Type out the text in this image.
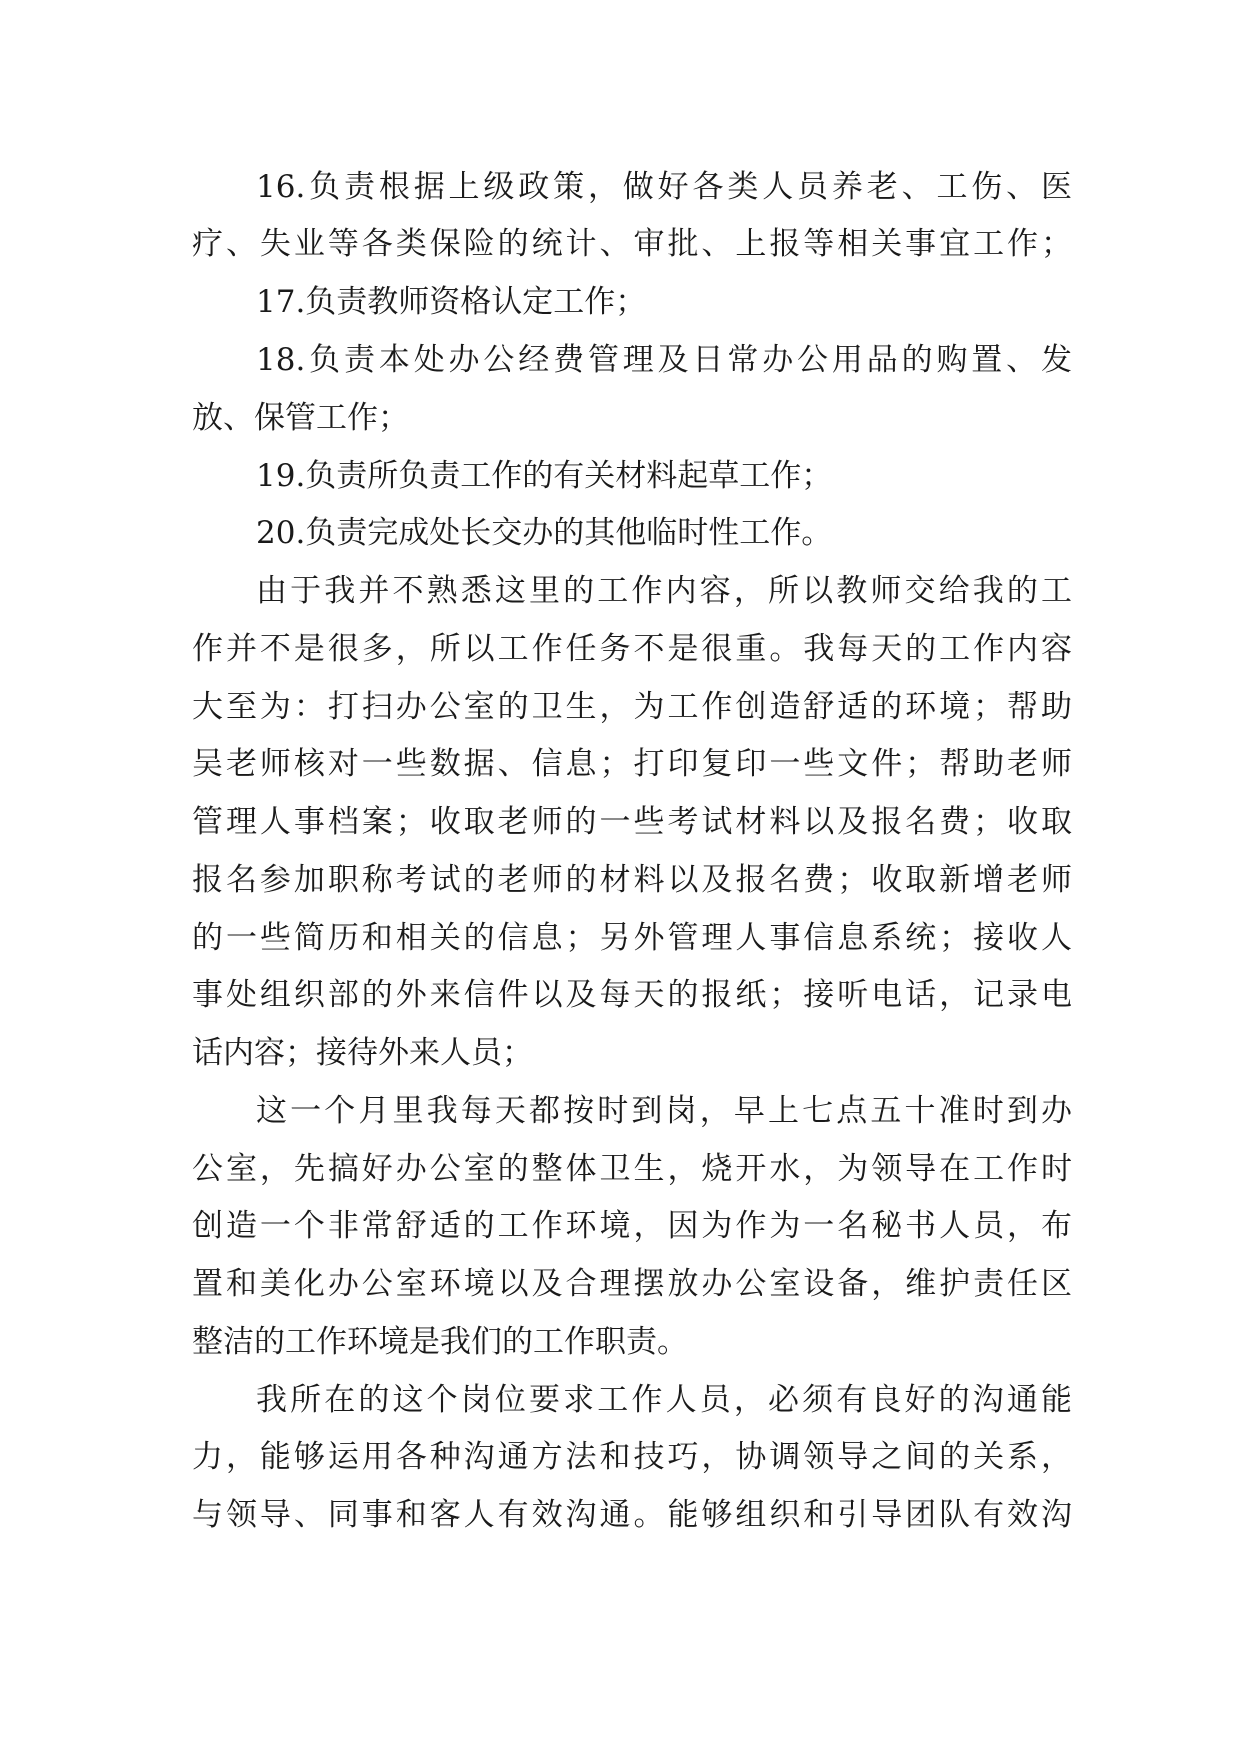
16.负责根据上级政策，做好各类人员养老、工伤、医

疗、失业等各类保险的统计、审批、上报等相关事宜工作；

17.负责教师资格认定工作；

18.负责本处办公经费管理及日常办公用品的购置、发

放、保管工作；

19.负责所负责工作的有关材料起草工作；

20.负责完成处长交办的其他临时性工作。

由于我并不熟悉这里的工作内容，所以教师交给我的工

作并不是很多，所以工作任务不是很重。我每天的工作内容

大至为：打扫办公室的卫生，为工作创造舒适的环境；帮助

吴老师核对一些数据、信息；打印复印一些文件；帮助老师

管理人事档案；收取老师的一些考试材料以及报名费；收取

报名参加职称考试的老师的材料以及报名费；收取新增老师

的一些简历和相关的信息；另外管理人事信息系统；接收人

事处组织部的外来信件以及每天的报纸；接听电话，记录电

话内容；接待外来人员；

这一个月里我每天都按时到岗，早上七点五十准时到办

公室，先搞好办公室的整体卫生，烧开水，为领导在工作时

创造一个非常舒适的工作环境，因为作为一名秘书人员，布

置和美化办公室环境以及合理摆放办公室设备，维护责任区

整洁的工作环境是我们的工作职责。

我所在的这个岗位要求工作人员，必须有良好的沟通能

力，能够运用各种沟通方法和技巧，协调领导之间的关系，

与领导、同事和客人有效沟通。能够组织和引导团队有效沟
